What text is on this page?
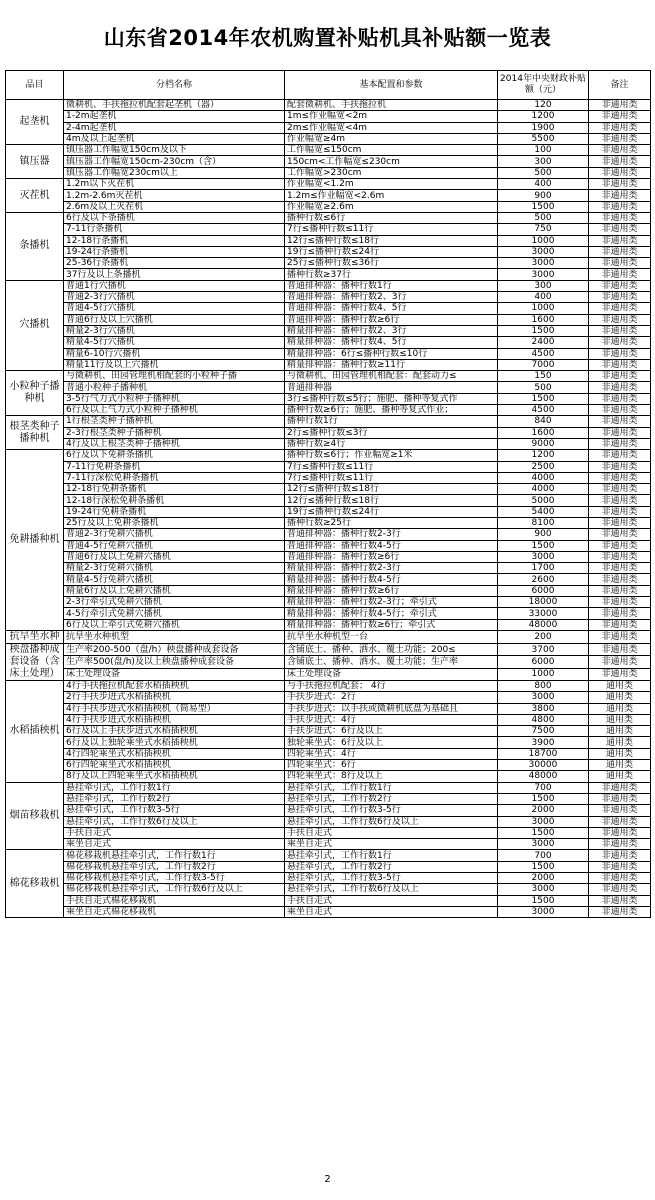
山东省2014年农机购置补贴机具补贴额一览表
品目	分档名称	基本配置和参数	2014年中央财政补贴额（元）	备注
起垄机	微耕机、手扶拖拉机配套起垄机（器）	配套微耕机、手扶拖拉机	120	非通用类
	1-2m起垄机	1m≤作业幅宽<2m	1200	非通用类
	2-4m起垄机	2m≤作业幅宽<4m	1900	非通用类
	4m及以上起垄机	作业幅宽≥4m	5500	非通用类
镇压器	镇压器工作幅宽150cm及以下	工作幅宽≤150cm	100	非通用类
	镇压器工作幅宽150cm-230cm（含）	150cm<工作幅宽≤230cm	300	非通用类
	镇压器工作幅宽230cm以上	工作幅宽>230cm	500	非通用类
灭茬机	1.2m以下灭茬机	作业幅宽<1.2m	400	非通用类
	1.2m-2.6m灭茬机	1.2m≤作业幅宽<2.6m	900	非通用类
	2.6m及以上灭茬机	作业幅宽≥2.6m	1500	非通用类
条播机	6行及以下条播机	播种行数≤6行	500	非通用类
	7-11行条播机	7行≤播种行数≤11行	750	非通用类
	12-18行条播机	12行≤播种行数≤18行	1000	非通用类
	19-24行条播机	19行≤播种行数≤24行	3000	非通用类
	25-36行条播机	25行≤播种行数≤36行	3000	非通用类
	37行及以上条播机	播种行数≥37行	3000	非通用类
穴播机	普通1行穴播机	普通排种器：播种行数1行	300	非通用类
	普通2-3行穴播机	普通排种器：播种行数2、3行	400	非通用类
	普通4-5行穴播机	普通排种器：播种行数4、5行	1000	非通用类
	普通6行及以上穴播机	普通排种器：播种行数≥6行	1600	非通用类
	精量2-3行穴播机	精量排种器：播种行数2、3行	1500	非通用类
	精量4-5行穴播机	精量排种器：播种行数4、5行	2400	非通用类
	精量6-10行穴播机	精量排种器：6行≤播种行数≤10行	4500	非通用类
	精量11行及以上穴播机	精量排种器：播种行数≥11行	7000	非通用类
小粒种子播种机	与微耕机、田园管理机相配套的小粒种子播	与微耕机、田园管理机相配套：配套动力≤	150	非通用类
	普通小粒种子播种机	普通排种器	500	非通用类
	3-5行气力式小粒种子播种机	3行≤播种行数≤5行；施肥、播种等复式作	1500	非通用类
	6行及以上气力式小粒种子播种机	播种行数≥6行；施肥、播种等复式作业；	4500	非通用类
根茎类种子播种机	1行根茎类种子播种机	播种行数1行	840	非通用类
	2-3行根茎类种子播种机	2行≤播种行数≤3行	1600	非通用类
	4行及以上根茎类种子播种机	播种行数≥4行	9000	非通用类
免耕播种机	6行及以下免耕条播机	播种行数≤6行；作业幅宽≥1米	1200	非通用类
	7-11行免耕条播机	7行≤播种行数≤11行	2500	非通用类
	7-11行深松免耕条播机	7行≤播种行数≤11行	4000	非通用类
	12-18行免耕条播机	12行≤播种行数≤18行	4000	非通用类
	12-18行深松免耕条播机	12行≤播种行数≤18行	5000	非通用类
	19-24行免耕条播机	19行≤播种行数≤24行	5400	非通用类
	25行及以上免耕条播机	播种行数≥25行	8100	非通用类
	普通2-3行免耕穴播机	普通排种器：播种行数2-3行	900	非通用类
	普通4-5行免耕穴播机	普通排种器：播种行数4-5行	1500	非通用类
	普通6行及以上免耕穴播机	普通排种器：播种行数≥6行	3000	非通用类
	精量2-3行免耕穴播机	精量排种器：播种行数2-3行	1700	非通用类
	精量4-5行免耕穴播机	精量排种器：播种行数4-5行	2600	非通用类
	精量6行及以上免耕穴播机	精量排种器：播种行数≥6行	6000	非通用类
	2-3行牵引式免耕穴播机	精量排种器：播种行数2-3行；牵引式	18000	非通用类
	4-5行牵引式免耕穴播机	精量排种器：播种行数4-5行；牵引式	33000	非通用类
	6行及以上牵引式免耕穴播机	精量排种器：播种行数≥6行；牵引式	48000	非通用类
抗旱坐水种	抗旱坐水种机型	抗旱坐水种机型一台	200	非通用类
秧盘播种成套设备（含床土处理）	生产率200-500（盘/h）秧盘播种成套设备	含铺底土、播种、洒水、覆土功能；200≤	3700	非通用类
	生产率500(盘/h)及以上秧盘播种成套设备	含铺底土、播种、洒水、覆土功能；生产率	6000	非通用类
	床土处理设备	床土处理设备	1000	非通用类
水稻插秧机	4行手扶拖拉机配套水稻插秧机	与手扶拖拉机配套； 4行	800	通用类
	2行手扶步进式水稻插秧机	手扶步进式：2行	3000	通用类
	4行手扶步进式水稻插秧机（简易型）	手扶步进式：以手扶或微耕机底盘为基础且	3800	通用类
	4行手扶步进式水稻插秧机	手扶步进式：4行	4800	通用类
	6行及以上手扶步进式水稻插秧机	手扶步进式：6行及以上	7500	通用类
	6行及以上独轮乘坐式水稻插秧机	独轮乘坐式：6行及以上	3900	通用类
	4行四轮乘坐式水稻插秧机	四轮乘坐式：4行	18700	通用类
	6行四轮乘坐式水稻插秧机	四轮乘坐式：6行	30000	通用类
	8行及以上四轮乘坐式水稻插秧机	四轮乘坐式：8行及以上	48000	通用类
烟苗移栽机	悬挂牵引式，工作行数1行	悬挂牵引式，工作行数1行	700	非通用类
	悬挂牵引式，工作行数2行	悬挂牵引式，工作行数2行	1500	非通用类
	悬挂牵引式，工作行数3-5行	悬挂牵引式，工作行数3-5行	2000	非通用类
	悬挂牵引式，工作行数6行及以上	悬挂牵引式，工作行数6行及以上	3000	非通用类
	手扶自走式	手扶自走式	1500	非通用类
	乘坐自走式	乘坐自走式	3000	非通用类
棉花移栽机	棉花移栽机悬挂牵引式，工作行数1行	悬挂牵引式，工作行数1行	700	非通用类
	棉花移栽机悬挂牵引式，工作行数2行	悬挂牵引式，工作行数2行	1500	非通用类
	棉花移栽机悬挂牵引式，工作行数3-5行	悬挂牵引式，工作行数3-5行	2000	非通用类
	棉花移栽机悬挂牵引式，工作行数6行及以上	悬挂牵引式，工作行数6行及以上	3000	非通用类
	手扶自走式棉花移栽机	手扶自走式	1500	非通用类
	乘坐自走式棉花移栽机	乘坐自走式	3000	非通用类
2
